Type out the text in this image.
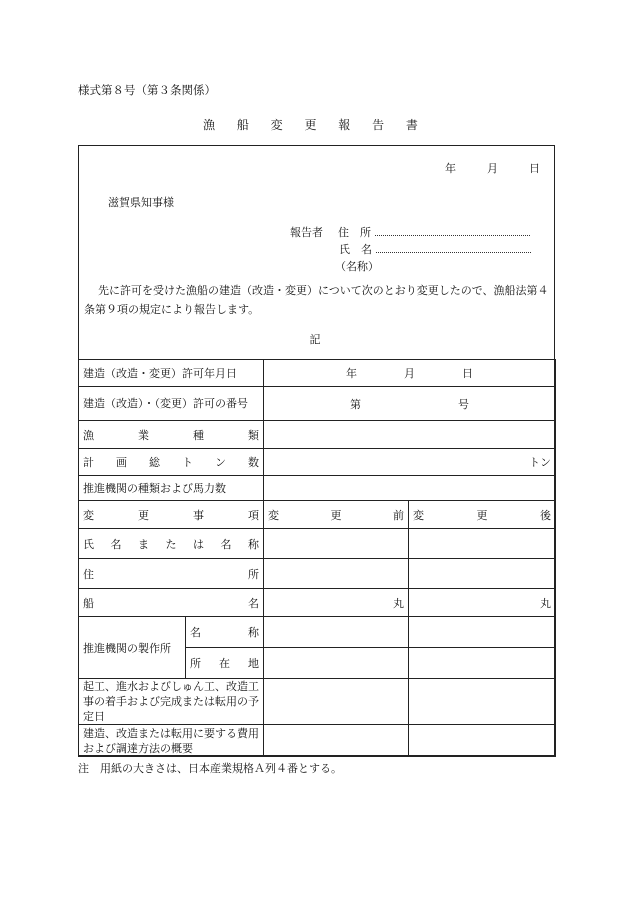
様式第８号（第３条関係）
漁 船 変 更 報 告 書
年	月	日
滋賀県知事様
報告者 住　所
氏　名
（名称）
先に許可を受けた漁船の建造（改造・変更）について次のとおり変更したので、漁船法第４条第９項の規定により報告します。
記
建造（改造・変更）許可年月日		年 月 日	
建造（改造）・（変更）許可の番号		第 号	
漁業種類			
計画総トン数		トン	
推進機関の種類および馬力数			
変更事項		変更前	変更後
氏名または名称			
住所			
船名		丸	丸
推進機関の製作所	名称		
	所在地		
起工、進水およびしゅん工、改造工事の着手および完成または転用の予定日			
建造、改造または転用に要する費用および調達方法の概要			
注　用紙の大きさは、日本産業規格Ａ列４番とする。
